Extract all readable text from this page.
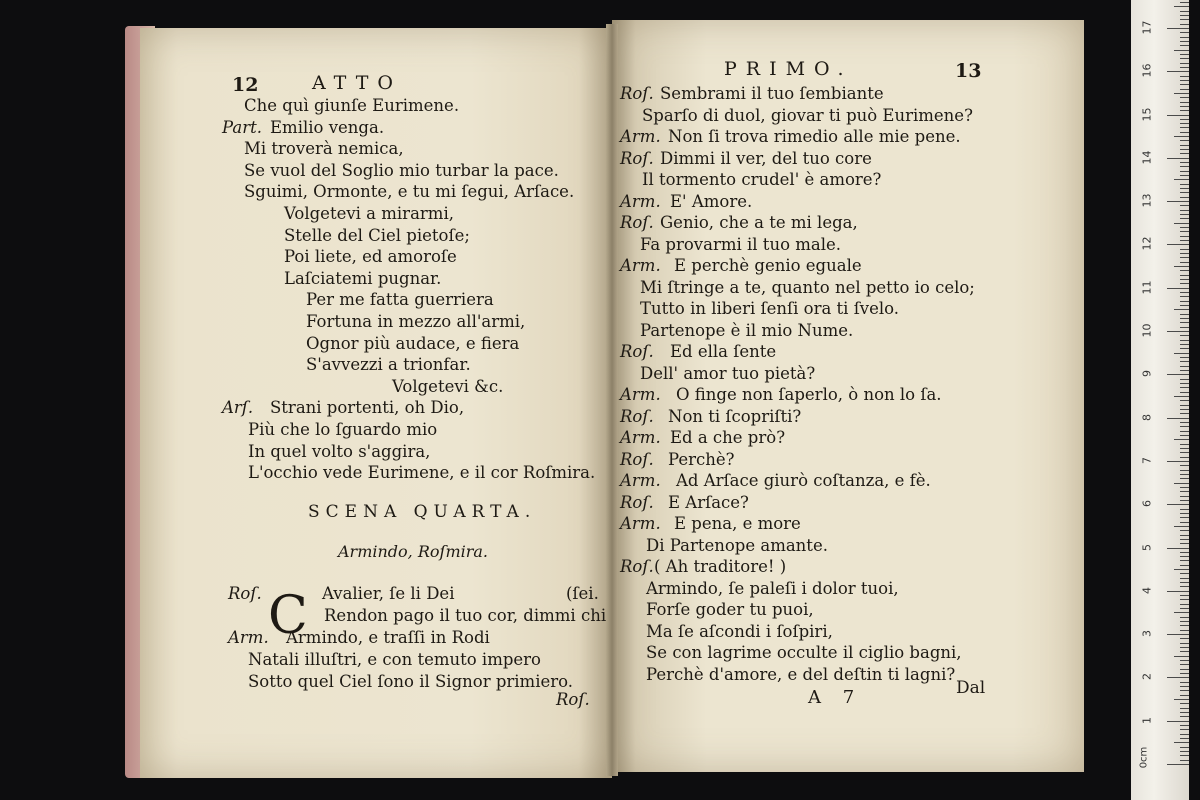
12	ATTO
Che quì giunſe Eurimene.
Part. Emilio venga.
Mi troverà nemica,
Se vuol del Soglio mio turbar la pace.
Sguimi, Ormonte, e tu mi ſegui, Arſace.
Volgetevi a mirarmi,
Stelle del Ciel pietoſe;
Poi liete, ed amoroſe
Laſciatemi pugnar.
Per me fatta guerriera
Fortuna in mezzo all'armi,
Ognor più audace, e fiera
S'avvezzi a trionfar.
Volgetevi &c.
Arſ. Strani portenti, oh Dio,
Più che lo ſguardo mio
In quel volto s'aggira,
L'occhio vede Eurimene, e il cor Roſmira.
SCENA QUARTA.
Armindo, Roſmira.
C
Roſ.	Avalier, ſe li Dei	(ſei.
Rendon pago il tuo cor, dimmi chi
Arm. Armindo, e traſſi in Rodi
Natali illuſtri, e con temuto impero
Sotto quel Ciel ſono il Signor primiero.
Roſ.
PRIMO.	13
Roſ. Sembrami il tuo ſembiante
Sparſo di duol, giovar ti può Eurimene?
Arm. Non ſi trova rimedio alle mie pene.
Roſ. Dimmi il ver, del tuo core
Il tormento crudel' è amore?
Arm. E' Amore.
Roſ. Genio, che a te mi lega,
Fa provarmi il tuo male.
Arm. E perchè genio eguale
Mi ſtringe a te, quanto nel petto io celo;
Tutto in liberi ſenſi ora ti ſvelo.
Partenope è il mio Nume.
Roſ. Ed ella ſente
Dell' amor tuo pietà?
Arm. O finge non ſaperlo, ò non lo ſa.
Roſ. Non ti ſcopriſti?
Arm. Ed a che prò?
Roſ. Perchè?
Arm. Ad Arſace giurò coſtanza, e fè.
Roſ. E Arſace?
Arm. E pena, e more
Di Partenope amante.
Roſ. ( Ah traditore! )
Armindo, ſe paleſi i dolor tuoi,
Forſe goder tu puoi,
Ma ſe aſcondi i ſoſpiri,
Se con lagrime occulte il ciglio bagni,
Perchè d'amore, e del deſtin ti lagni?
A 7	Dal
1
2
3
4
5
6
7
8
9
10
11
12
13
14
15
16
17
0cm
